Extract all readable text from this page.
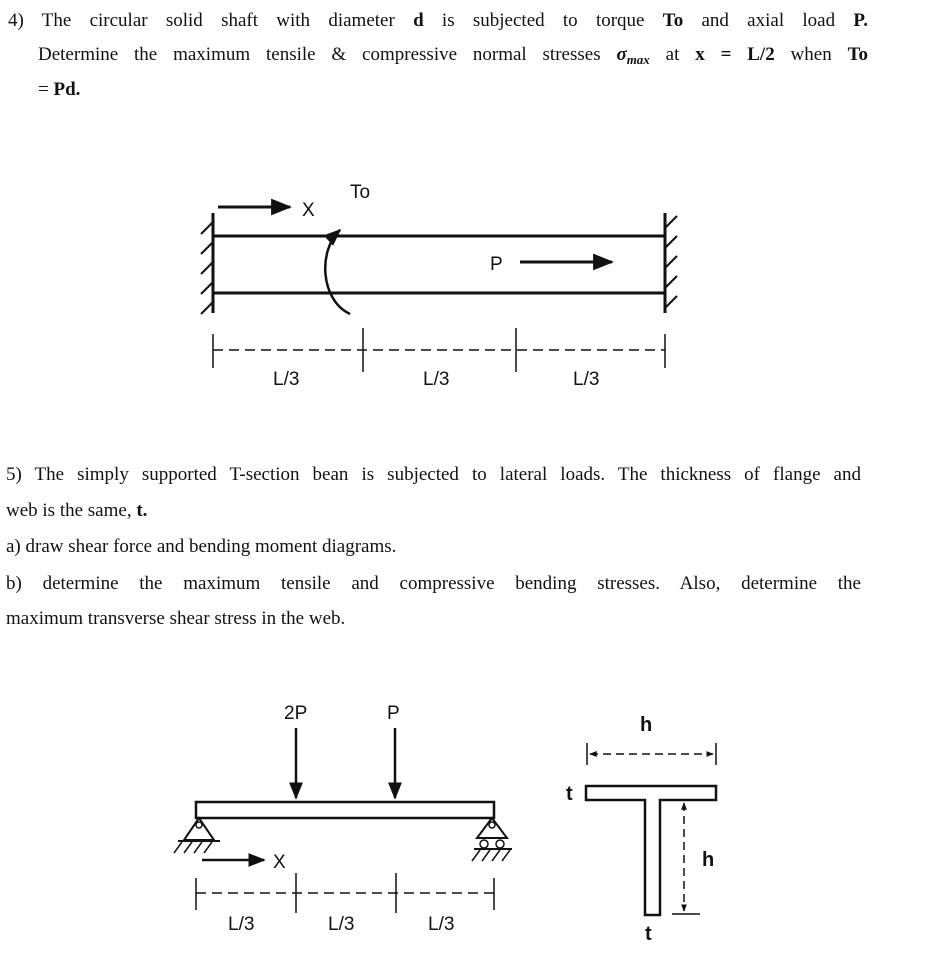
4) The circular solid shaft with diameter d is subjected to torque To and axial load P.
Determine the maximum tensile & compressive normal stresses $\sigma_{max}$ at x = L/2 when To
= Pd.
5) The simply supported T-section bean is subjected to lateral loads. The thickness of flange and
web is the same, t.
a) draw shear force and bending moment diagrams.
b) determine the maximum tensile and compressive bending stresses. Also, determine the
maximum transverse shear stress in the web.
X
To
P
L/3	L/3	L/3
2P	P
X
L/3	L/3	L/3
h
h
t
t
